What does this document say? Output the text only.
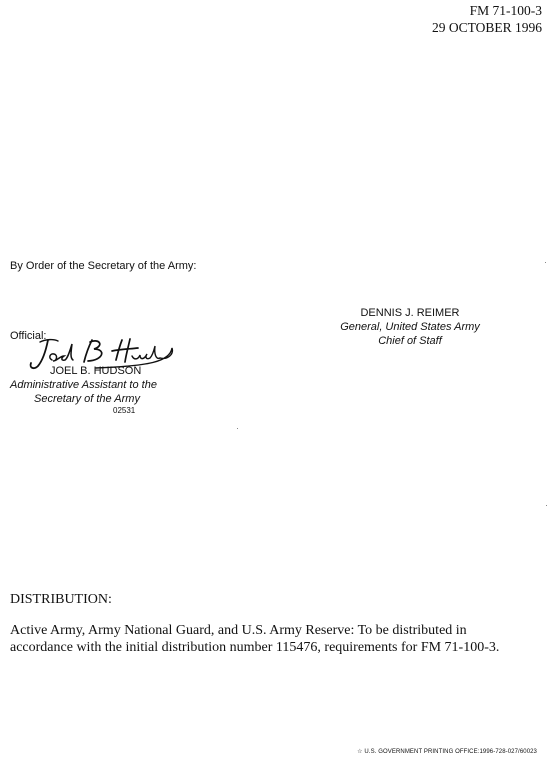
FM 71-100-3
29 OCTOBER 1996
By Order of the Secretary of the Army:
DENNIS J. REIMER
General, United States Army
Chief of Staff
Official:
JOEL B. HUDSON
Administrative Assistant to the
Secretary of the Army
02531
DISTRIBUTION:
Active Army, Army National Guard, and U.S. Army Reserve: To be distributed in accordance with the initial distribution number 115476, requirements for FM 71-100-3.
☆ U.S. GOVERNMENT PRINTING OFFICE:1996-728-027/60023
